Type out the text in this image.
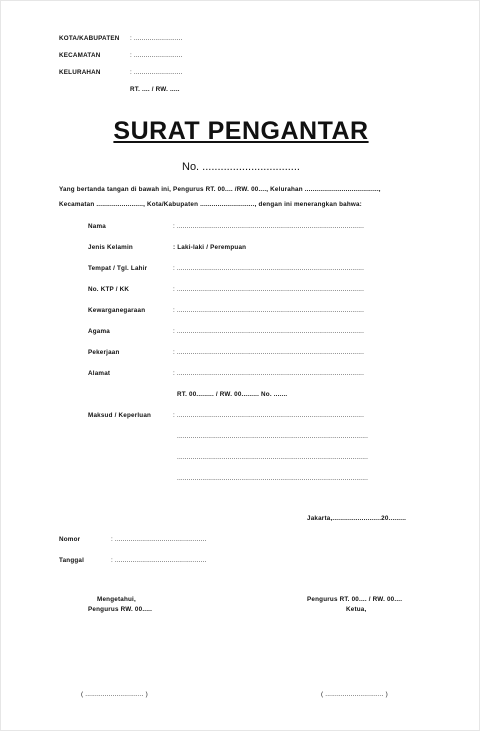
KOTA/KABUPATEN : .........................
KECAMATAN	: .........................
KELURAHAN	: .........................
RT. .... / RW. .....
SURAT PENGANTAR
No. ................................
Yang bertanda tangan di bawah ini, Pengurus RT. 00.... /RW. 00...., Kelurahan ......................................,
Kecamatan ........................, Kota/Kabupaten ............................, dengan ini menerangkan bahwa:
Nama	: ................................................................................................
Jenis Kelamin	: Laki-laki / Perempuan
Tempat / Tgl. Lahir	: ................................................................................................
No. KTP / KK	: ................................................................................................
Kewarganegaraan	: ................................................................................................
Agama	: ................................................................................................
Pekerjaan	: ................................................................................................
Alamat	: ................................................................................................
RT. 00......... / RW. 00......... No. .......
Maksud / Keperluan	: ................................................................................................
..................................................................................................
..................................................................................................
..................................................................................................
Jakarta,.........................20.........
Nomor	: ...............................................
Tanggal	: ...............................................
Mengetahui,
Pengurus RW. 00.....
Pengurus RT. 00.... / RW. 00....
Ketua,
( .............................. )	( .............................. )
